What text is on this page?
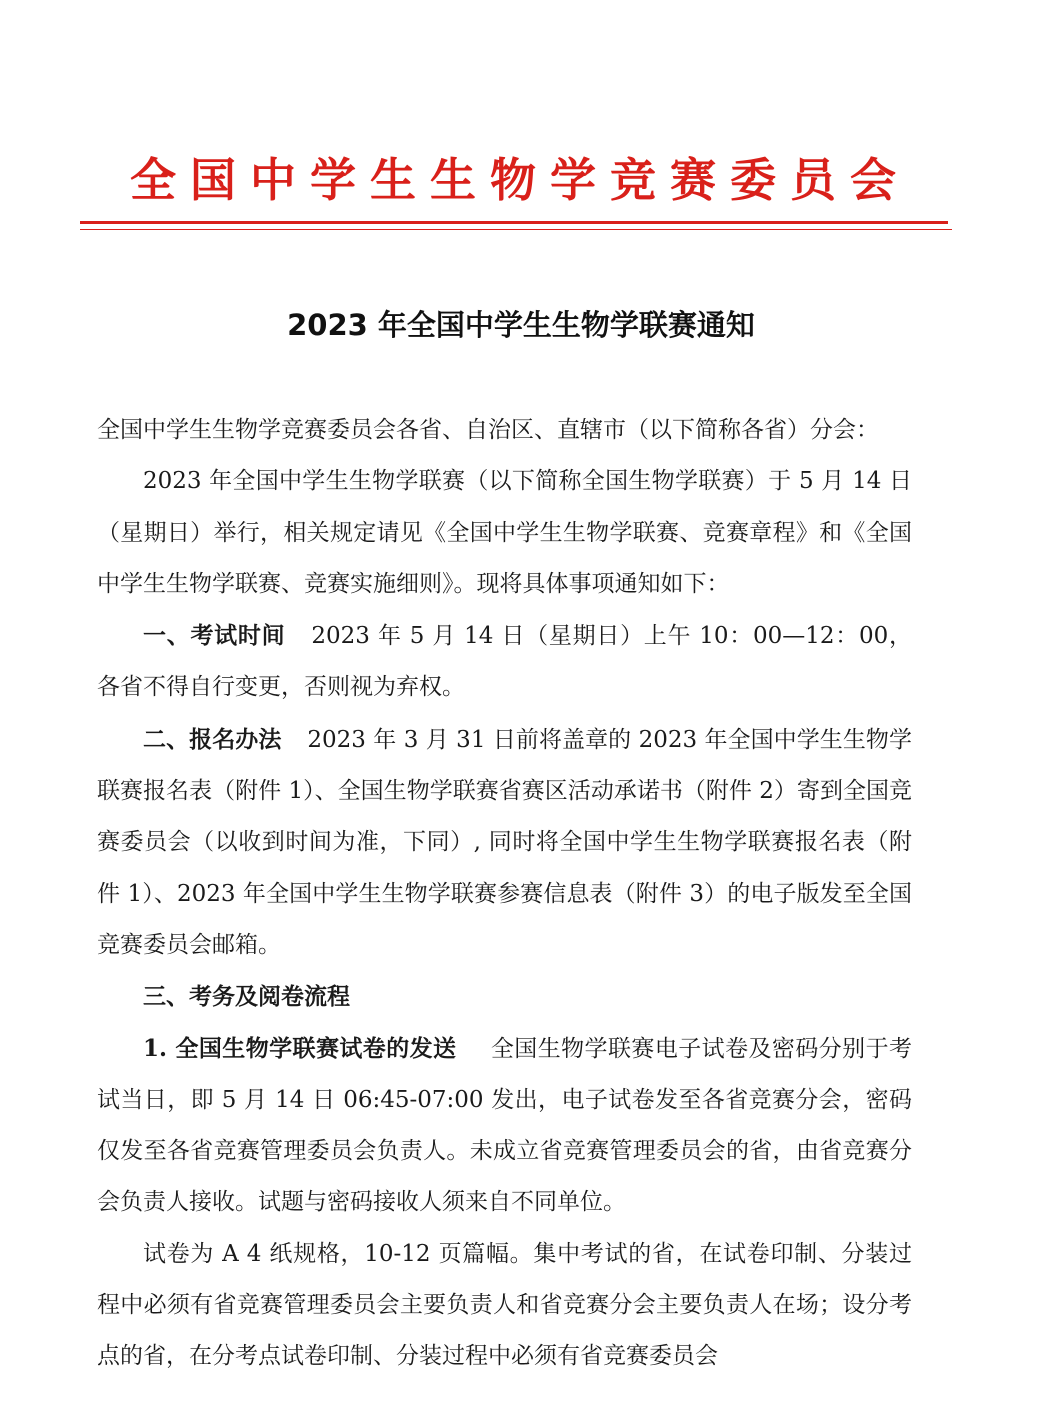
全国中学生生物学竞赛委员会
2023 年全国中学生生物学联赛通知

全国中学生生物学竞赛委员会各省、自治区、直辖市（以下简称各省）分会：

2023 年全国中学生生物学联赛（以下简称全国生物学联赛）于 5 月 14 日（星期日）举行，相关规定请见《全国中学生生物学联赛、竞赛章程》和《全国中学生生物学联赛、竞赛实施细则》。现将具体事项通知如下：

一、考试时间 2023 年 5 月 14 日（星期日）上午 10：00—12：00，各省不得自行变更，否则视为弃权。

二、报名办法 2023 年 3 月 31 日前将盖章的 2023 年全国中学生生物学联赛报名表（附件 1）、全国生物学联赛省赛区活动承诺书（附件 2）寄到全国竞赛委员会（以收到时间为准，下同）, 同时将全国中学生生物学联赛报名表（附件 1）、2023 年全国中学生生物学联赛参赛信息表（附件 3）的电子版发至全国竞赛委员会邮箱。

三、考务及阅卷流程

1. 全国生物学联赛试卷的发送 全国生物学联赛电子试卷及密码分别于考试当日，即 5 月 14 日 06:45-07:00 发出，电子试卷发至各省竞赛分会，密码仅发至各省竞赛管理委员会负责人。未成立省竞赛管理委员会的省，由省竞赛分会负责人接收。试题与密码接收人须来自不同单位。

试卷为 A 4 纸规格，10-12 页篇幅。集中考试的省，在试卷印制、分装过程中必须有省竞赛管理委员会主要负责人和省竞赛分会主要负责人在场；设分考点的省，在分考点试卷印制、分装过程中必须有省竞赛委员会
